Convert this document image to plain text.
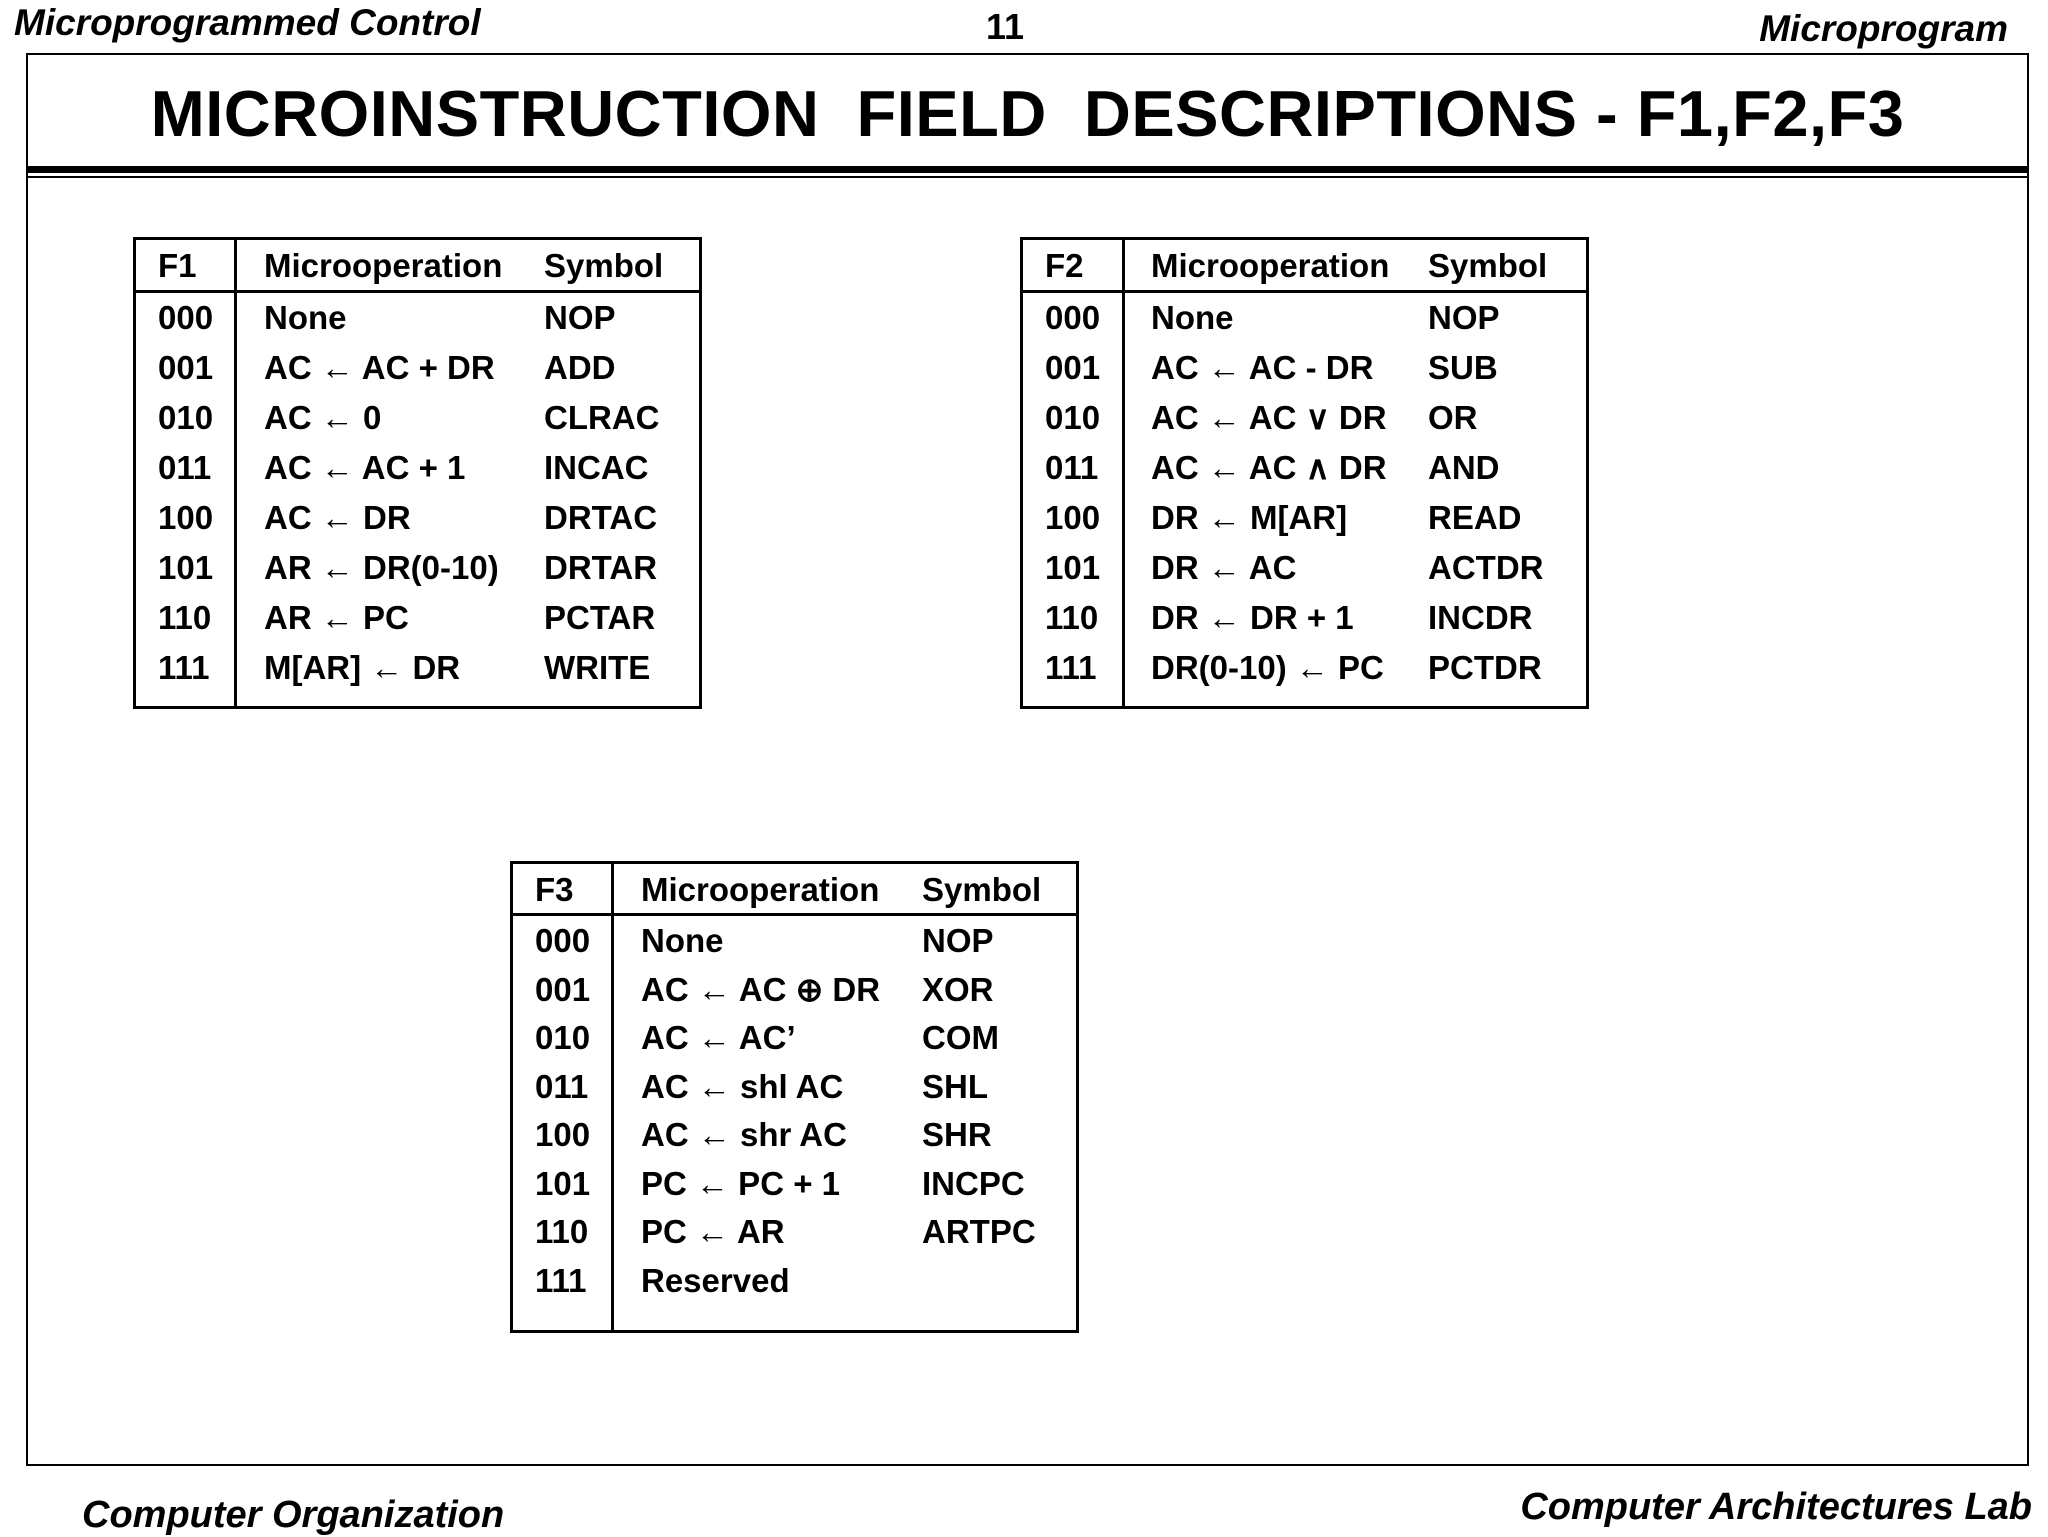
Microprogrammed Control	11	Microprogram
MICROINSTRUCTION  FIELD  DESCRIPTIONS - F1,F2,F3
F1 Microoperation Symbol
000 None	NOP
001 AC ← AC + DR ADD
010 AC ← 0	CLRAC
011 AC ← AC + 1 INCAC
100 AC ← DR	DRTAC
101 AR ← DR(0-10) DRTAR
110 AR ← PC	PCTAR
111 M[AR] ← DR	WRITE
F2 Microoperation Symbol
000 None	NOP
001 AC ← AC - DR SUB
010 AC ← AC ∨ DR OR
011 AC ← AC ∧ DR AND
100 DR ← M[AR] READ
101 DR ← AC	ACTDR
110 DR ← DR + 1 INCDR
111 DR(0-10) ← PC PCTDR
F3 Microoperation Symbol
000 None	NOP
001 AC ← AC ⊕ DR XOR
010 AC ← AC’	COM
011 AC ← shl AC SHL
100 AC ← shr AC SHR
101 PC ← PC + 1 INCPC
110 PC ← AR	ARTPC
111 Reserved
Computer Organization	Computer Architectures Lab
